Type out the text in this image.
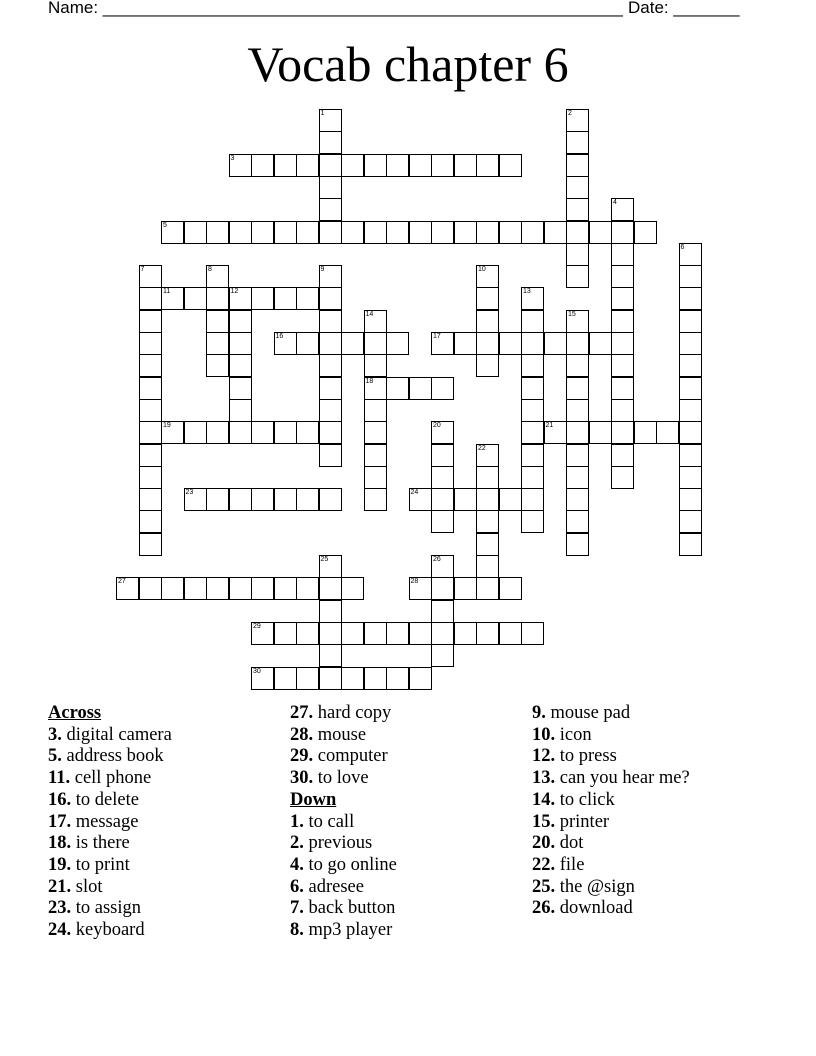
Name: _______________________________________________________ Date: _______
Vocab chapter 6
3
5
11	12
16	17
18
19	21
23	24
27	28
29
30
1	2
4
6
7	8	9	10
13
14	15
20
22
25	26
Across
3. digital camera
5. address book
11. cell phone
16. to delete
17. message
18. is there
19. to print
21. slot
23. to assign
24. keyboard
27. hard copy
28. mouse
29. computer
30. to love
Down
1. to call
2. previous
4. to go online
6. adresee
7. back button
8. mp3 player
9. mouse pad
10. icon
12. to press
13. can you hear me?
14. to click
15. printer
20. dot
22. file
25. the @sign
26. download
